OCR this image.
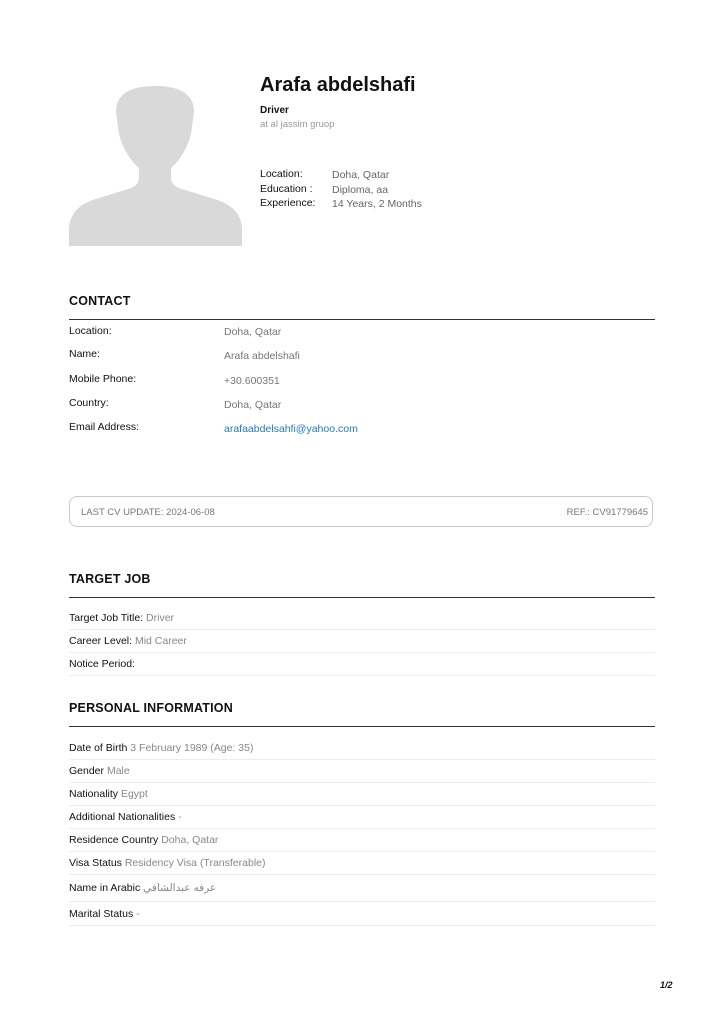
Arafa abdelshafi
Driver
at al jassim gruop
Location:	Doha, Qatar
Education : Diploma, aa
Experience: 14 Years, 2 Months
CONTACT
Location:	Doha, Qatar
Name:	Arafa abdelshafi
Mobile Phone:	+30.600351
Country:	Doha, Qatar
Email Address:	arafaabdelsahfi@yahoo.com
LAST CV UPDATE: 2024-06-08	REF.: CV91779645
TARGET JOB
Target Job Title: Driver
Career Level: Mid Career
Notice Period:
PERSONAL INFORMATION
Date of Birth 3 February 1989 (Age: 35)
Gender Male
Nationality Egypt
Additional Nationalities -
Residence Country Doha, Qatar
Visa Status Residency Visa (Transferable)
Name in Arabic عرفه عبدالشافي
Marital Status -
1/2
